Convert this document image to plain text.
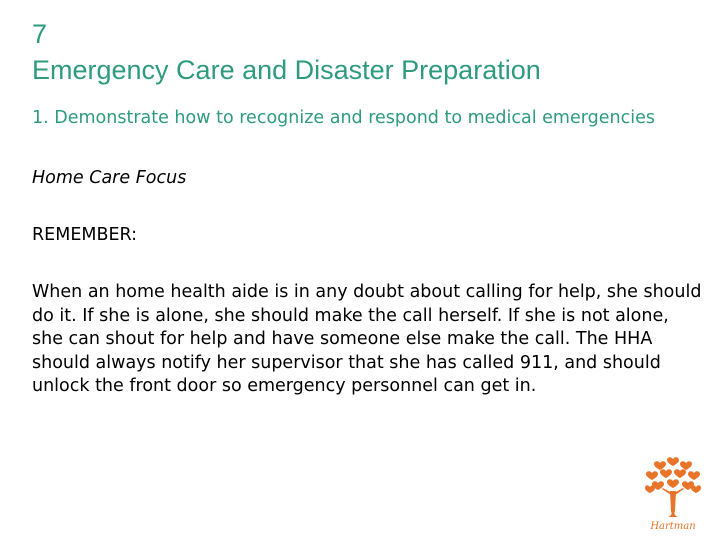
7

Emergency Care and Disaster Preparation

1. Demonstrate how to recognize and respond to medical emergencies

Home Care Focus

REMEMBER:

When an home health aide is in any doubt about calling for help, she should do it. If she is alone, she should make the call herself. If she is not alone, she can shout for help and have someone else make the call. The HHA should always notify her supervisor that she has called 911, and should unlock the front door so emergency personnel can get in.

Hartman
